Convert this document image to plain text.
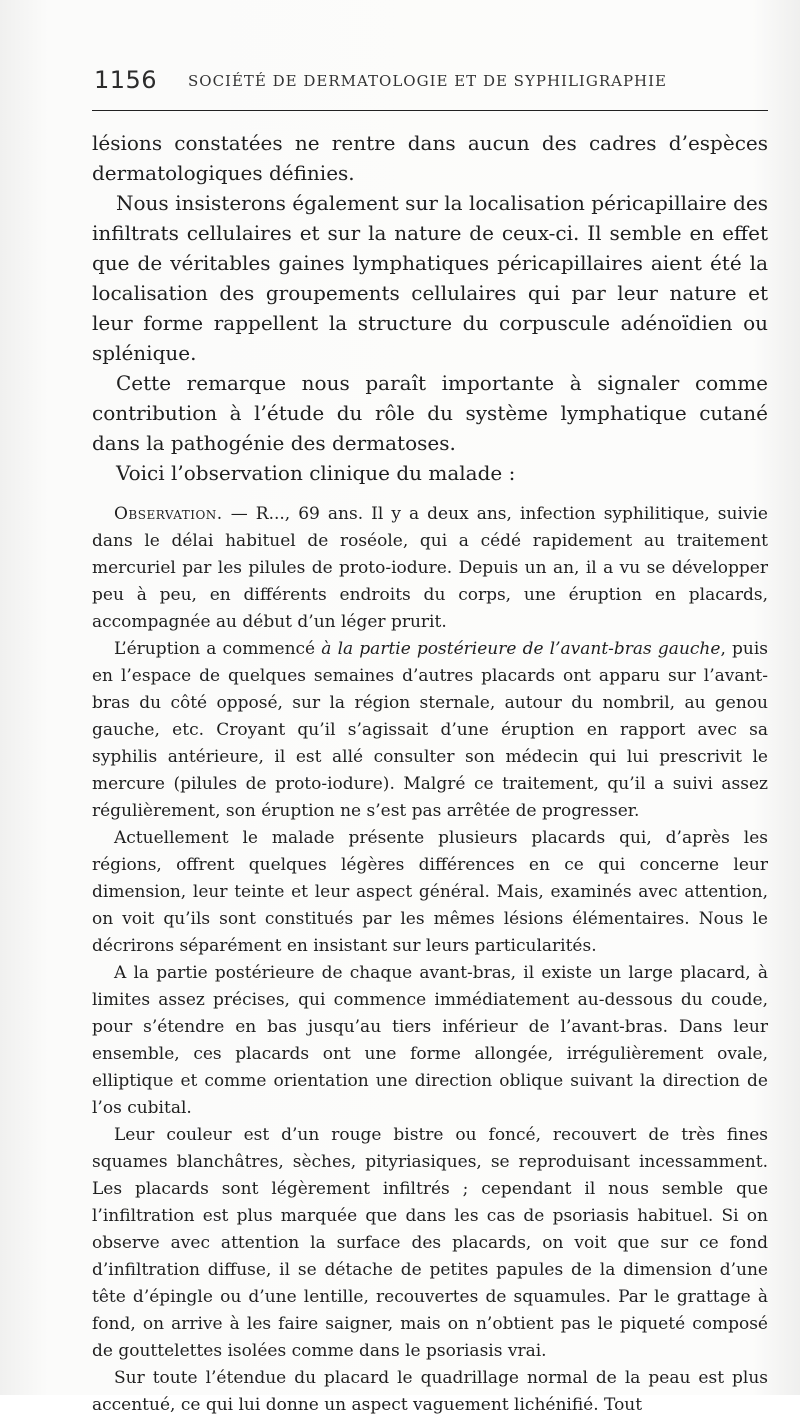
1156 SOCIÉTÉ DE DERMATOLOGIE ET DE SYPHILIGRAPHIE

lésions constatées ne rentre dans aucun des cadres d’espèces dermatologiques définies.

Nous insisterons également sur la localisation péricapillaire des infiltrats cellulaires et sur la nature de ceux-ci. Il semble en effet que de véritables gaines lymphatiques péricapillaires aient été la localisation des groupements cellulaires qui par leur nature et leur forme rappellent la structure du corpuscule adénoïdien ou splénique.

Cette remarque nous paraît importante à signaler comme contribution à l’étude du rôle du système lymphatique cutané dans la pathogénie des dermatoses.

Voici l’observation clinique du malade :

Observation. — R..., 69 ans. Il y a deux ans, infection syphilitique, suivie dans le délai habituel de roséole, qui a cédé rapidement au traitement mercuriel par les pilules de proto-iodure. Depuis un an, il a vu se développer peu à peu, en différents endroits du corps, une éruption en placards, accompagnée au début d’un léger prurit.

L’éruption a commencé à la partie postérieure de l’avant-bras gauche, puis en l’espace de quelques semaines d’autres placards ont apparu sur l’avant-bras du côté opposé, sur la région sternale, autour du nombril, au genou gauche, etc. Croyant qu’il s’agissait d’une éruption en rapport avec sa syphilis antérieure, il est allé consulter son médecin qui lui prescrivit le mercure (pilules de proto-iodure). Malgré ce traitement, qu’il a suivi assez régulièrement, son éruption ne s’est pas arrêtée de progresser.

Actuellement le malade présente plusieurs placards qui, d’après les régions, offrent quelques légères différences en ce qui concerne leur dimension, leur teinte et leur aspect général. Mais, examinés avec attention, on voit qu’ils sont constitués par les mêmes lésions élémentaires. Nous le décrirons séparément en insistant sur leurs particularités.

A la partie postérieure de chaque avant-bras, il existe un large placard, à limites assez précises, qui commence immédiatement au-dessous du coude, pour s’étendre en bas jusqu’au tiers inférieur de l’avant-bras. Dans leur ensemble, ces placards ont une forme allongée, irrégulièrement ovale, elliptique et comme orientation une direction oblique suivant la direction de l’os cubital.

Leur couleur est d’un rouge bistre ou foncé, recouvert de très fines squames blanchâtres, sèches, pityriasiques, se reproduisant incessamment. Les placards sont légèrement infiltrés ; cependant il nous semble que l’infiltration est plus marquée que dans les cas de psoriasis habituel. Si on observe avec attention la surface des placards, on voit que sur ce fond d’infiltration diffuse, il se détache de petites papules de la dimension d’une tête d’épingle ou d’une lentille, recouvertes de squamules. Par le grattage à fond, on arrive à les faire saigner, mais on n’obtient pas le piqueté composé de gouttelettes isolées comme dans le psoriasis vrai.

Sur toute l’étendue du placard le quadrillage normal de la peau est plus accentué, ce qui lui donne un aspect vaguement lichénifié. Tout
